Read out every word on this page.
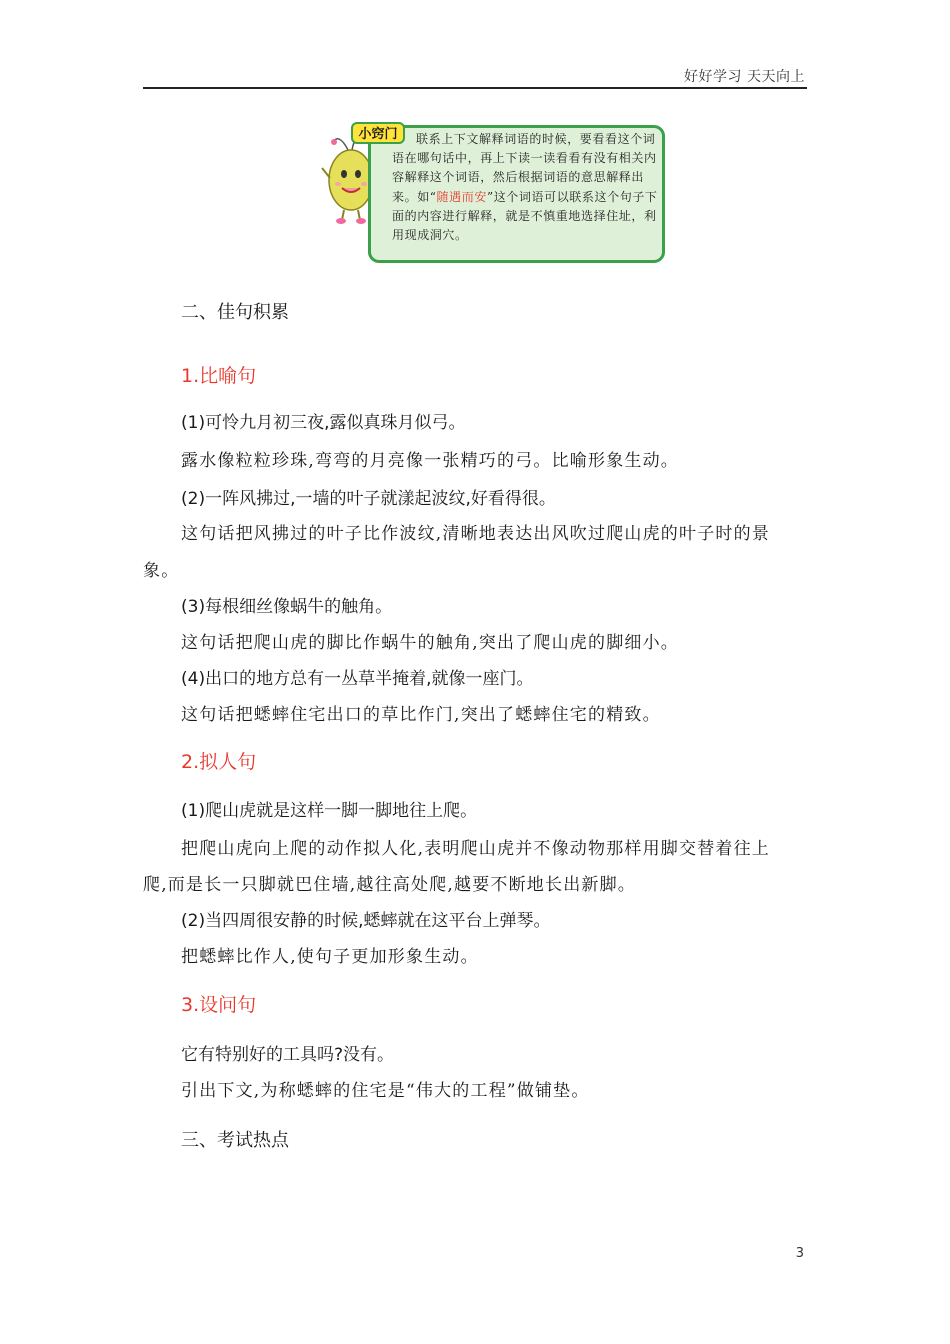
好好学习 天天向上
小窍门	联系上下文解释词语的时候，要看看这个词语在哪句话中，再上下读一读看看有没有相关内容解释这个词语，然后根据词语的意思解释出来。如“随遇而安”这个词语可以联系这个句子下面的内容进行解释，就是不慎重地选择住址，利用现成洞穴。
二、佳句积累
1.比喻句
(1)可怜九月初三夜,露似真珠月似弓。
露水像粒粒珍珠,弯弯的月亮像一张精巧的弓。比喻形象生动。
(2)一阵风拂过,一墙的叶子就漾起波纹,好看得很。
这句话把风拂过的叶子比作波纹,清晰地表达出风吹过爬山虎的叶子时的景
象。
(3)每根细丝像蜗牛的触角。
这句话把爬山虎的脚比作蜗牛的触角,突出了爬山虎的脚细小。
(4)出口的地方总有一丛草半掩着,就像一座门。
这句话把蟋蟀住宅出口的草比作门,突出了蟋蟀住宅的精致。
2.拟人句
(1)爬山虎就是这样一脚一脚地往上爬。
把爬山虎向上爬的动作拟人化,表明爬山虎并不像动物那样用脚交替着往上
爬,而是长一只脚就巴住墙,越往高处爬,越要不断地长出新脚。
(2)当四周很安静的时候,蟋蟀就在这平台上弹琴。
把蟋蟀比作人,使句子更加形象生动。
3.设问句
它有特别好的工具吗?没有。
引出下文,为称蟋蟀的住宅是“伟大的工程”做铺垫。
三、考试热点
3
